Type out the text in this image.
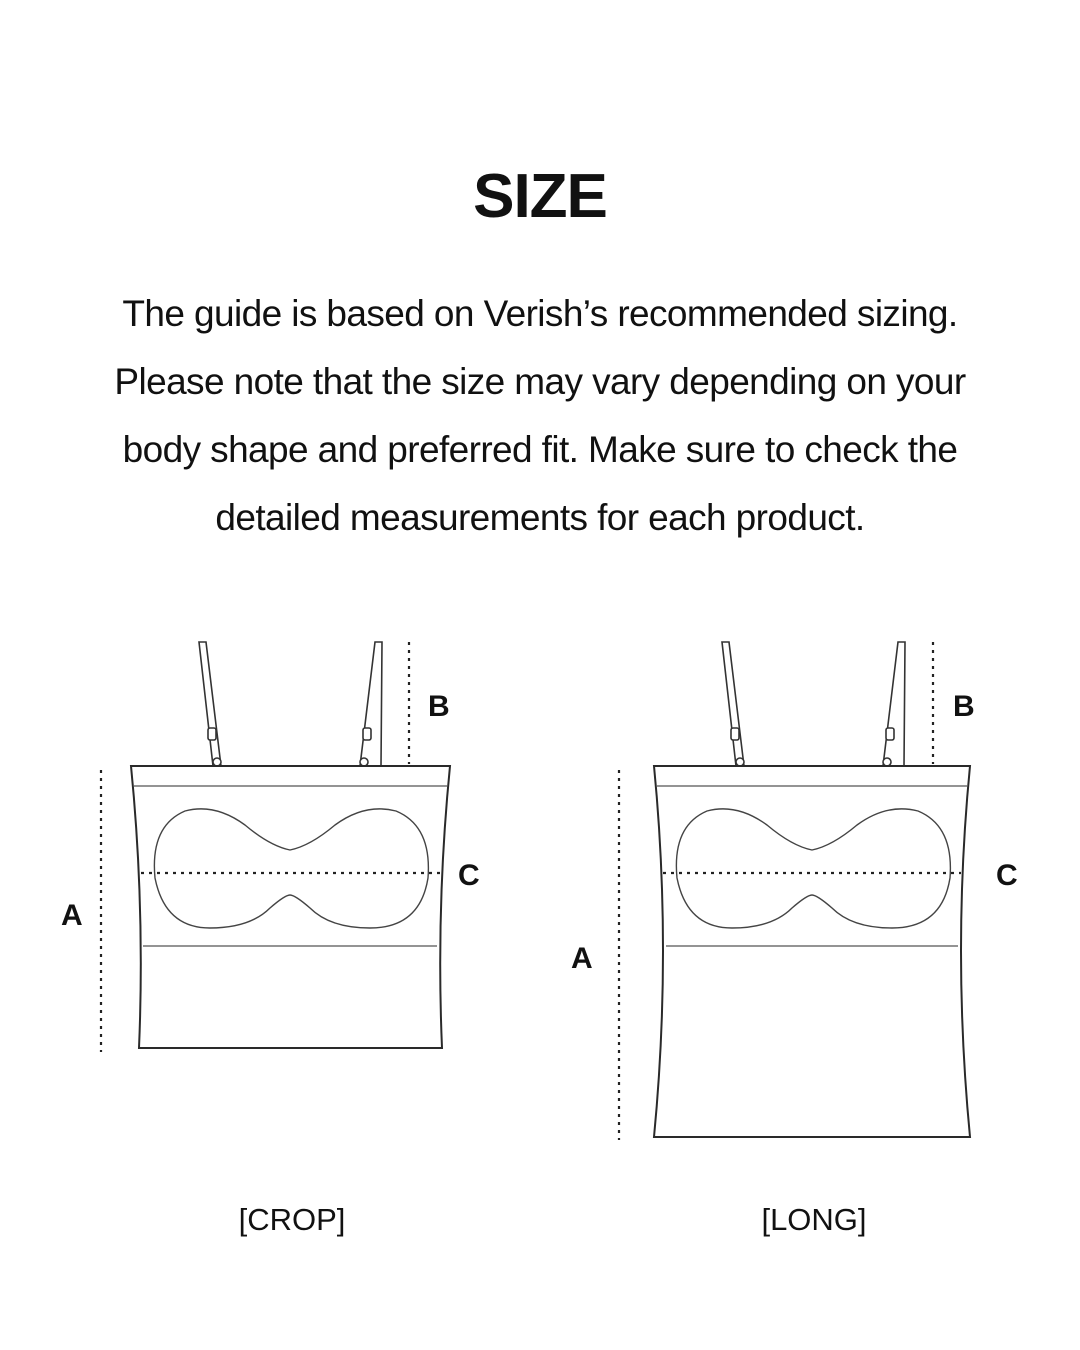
SIZE
The guide is based on Verish’s recommended sizing.
Please note that the size may vary depending on your
body shape and preferred fit. Make sure to check the
detailed measurements for each product.
A
B
C
A
B
C
[CROP]	[LONG]
